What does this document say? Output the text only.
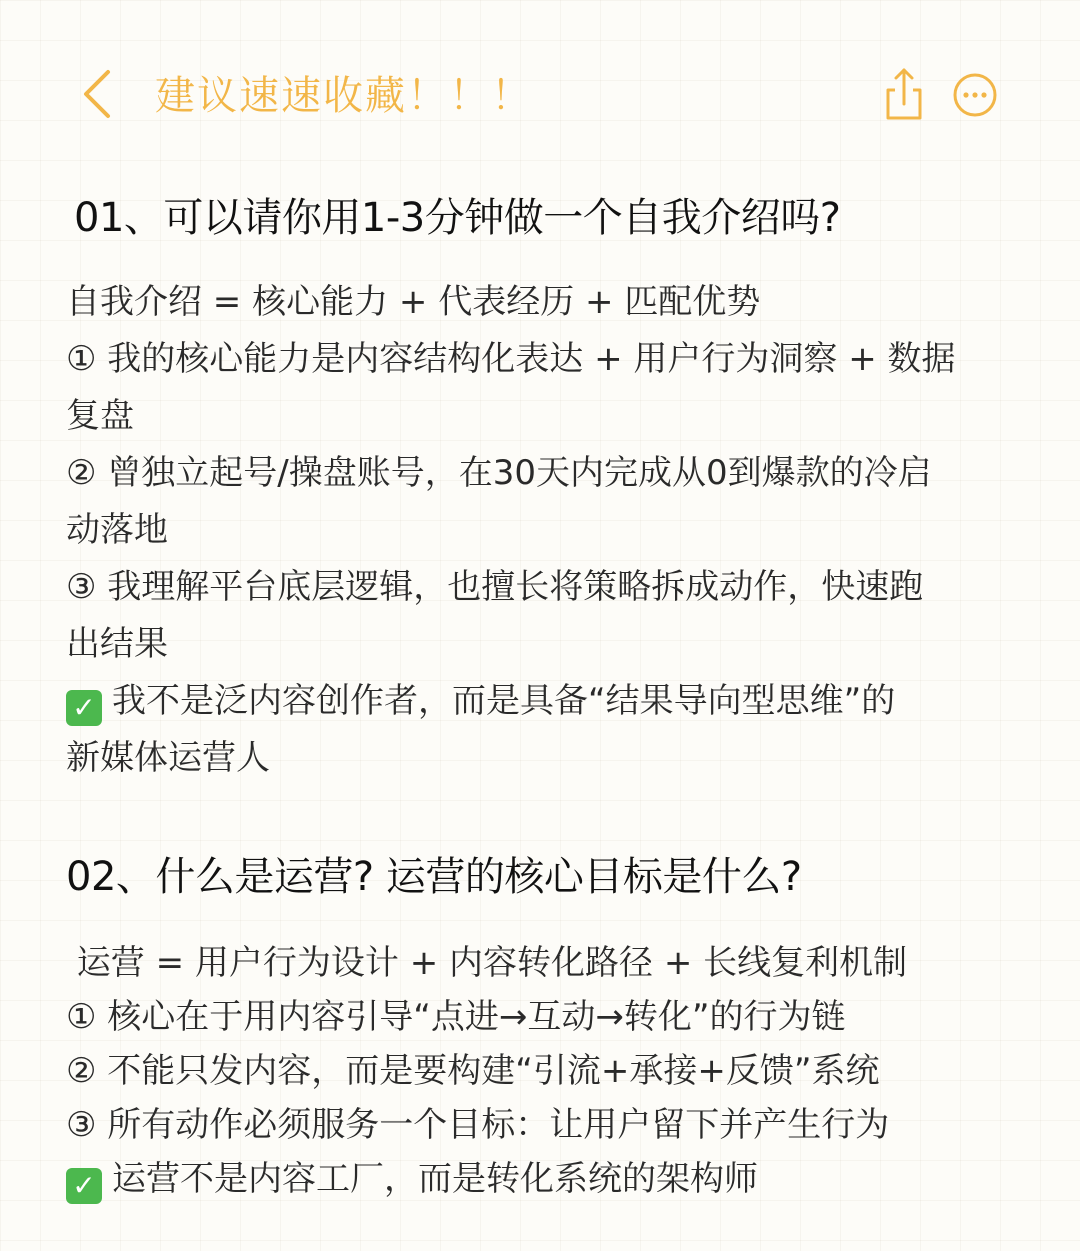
建议速速收藏！！！
01、可以请你用1-3分钟做一个自我介绍吗?
自我介绍 = 核心能力 + 代表经历 + 匹配优势
① 我的核心能力是内容结构化表达 + 用户行为洞察 + 数据
复盘
② 曾独立起号/操盘账号，在30天内完成从0到爆款的冷启
动落地
③ 我理解平台底层逻辑，也擅长将策略拆成动作，快速跑
出结果
✓ 我不是泛内容创作者，而是具备“结果导向型思维”的
新媒体运营人
02、什么是运营? 运营的核心目标是什么?
运营 = 用户行为设计 + 内容转化路径 + 长线复利机制
① 核心在于用内容引导“点进→互动→转化”的行为链
② 不能只发内容，而是要构建“引流+承接+反馈”系统
③ 所有动作必须服务一个目标：让用户留下并产生行为
✓ 运营不是内容工厂，而是转化系统的架构师
